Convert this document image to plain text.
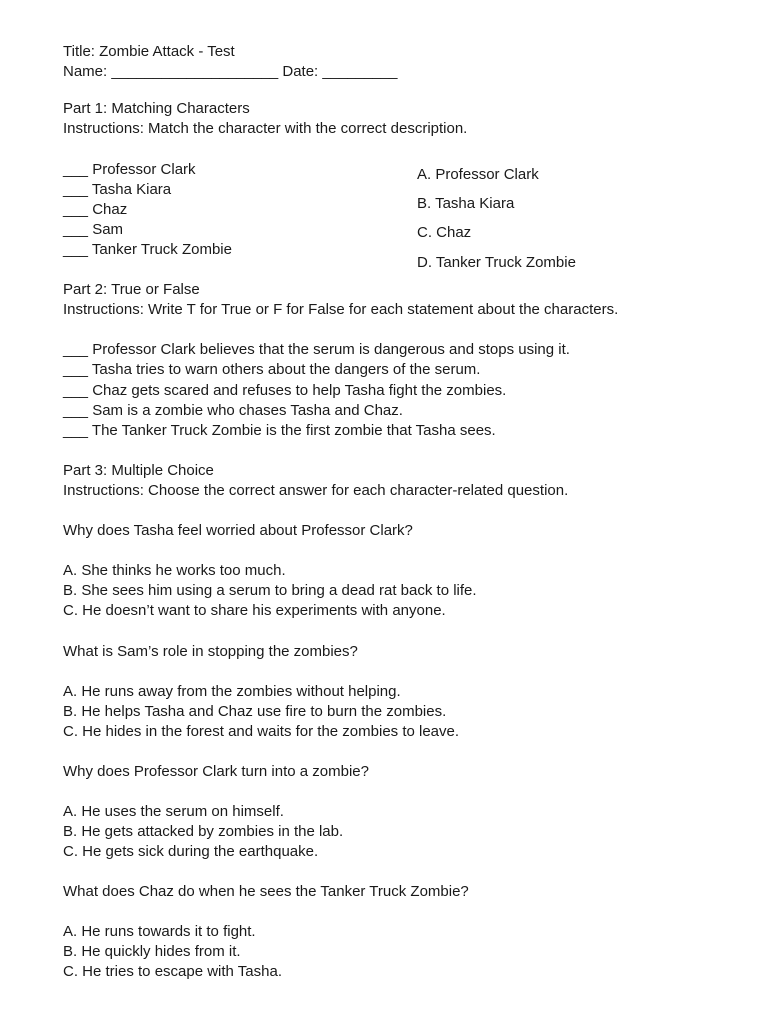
Title: Zombie Attack - Test
Name: ____________________ Date: _________
Part 1: Matching Characters
Instructions: Match the character with the correct description.
___ Professor Clark
___ Tasha Kiara
___ Chaz
___ Sam
___ Tanker Truck Zombie
A. Professor Clark
B. Tasha Kiara
C. Chaz
D. Tanker Truck Zombie
Part 2: True or False
Instructions: Write T for True or F for False for each statement about the characters.
___ Professor Clark believes that the serum is dangerous and stops using it.
___ Tasha tries to warn others about the dangers of the serum.
___ Chaz gets scared and refuses to help Tasha fight the zombies.
___ Sam is a zombie who chases Tasha and Chaz.
___ The Tanker Truck Zombie is the first zombie that Tasha sees.
Part 3: Multiple Choice
Instructions: Choose the correct answer for each character-related question.
Why does Tasha feel worried about Professor Clark?
A. She thinks he works too much.
B. She sees him using a serum to bring a dead rat back to life.
C. He doesn’t want to share his experiments with anyone.
What is Sam’s role in stopping the zombies?
A. He runs away from the zombies without helping.
B. He helps Tasha and Chaz use fire to burn the zombies.
C. He hides in the forest and waits for the zombies to leave.
Why does Professor Clark turn into a zombie?
A. He uses the serum on himself.
B. He gets attacked by zombies in the lab.
C. He gets sick during the earthquake.
What does Chaz do when he sees the Tanker Truck Zombie?
A. He runs towards it to fight.
B. He quickly hides from it.
C. He tries to escape with Tasha.
